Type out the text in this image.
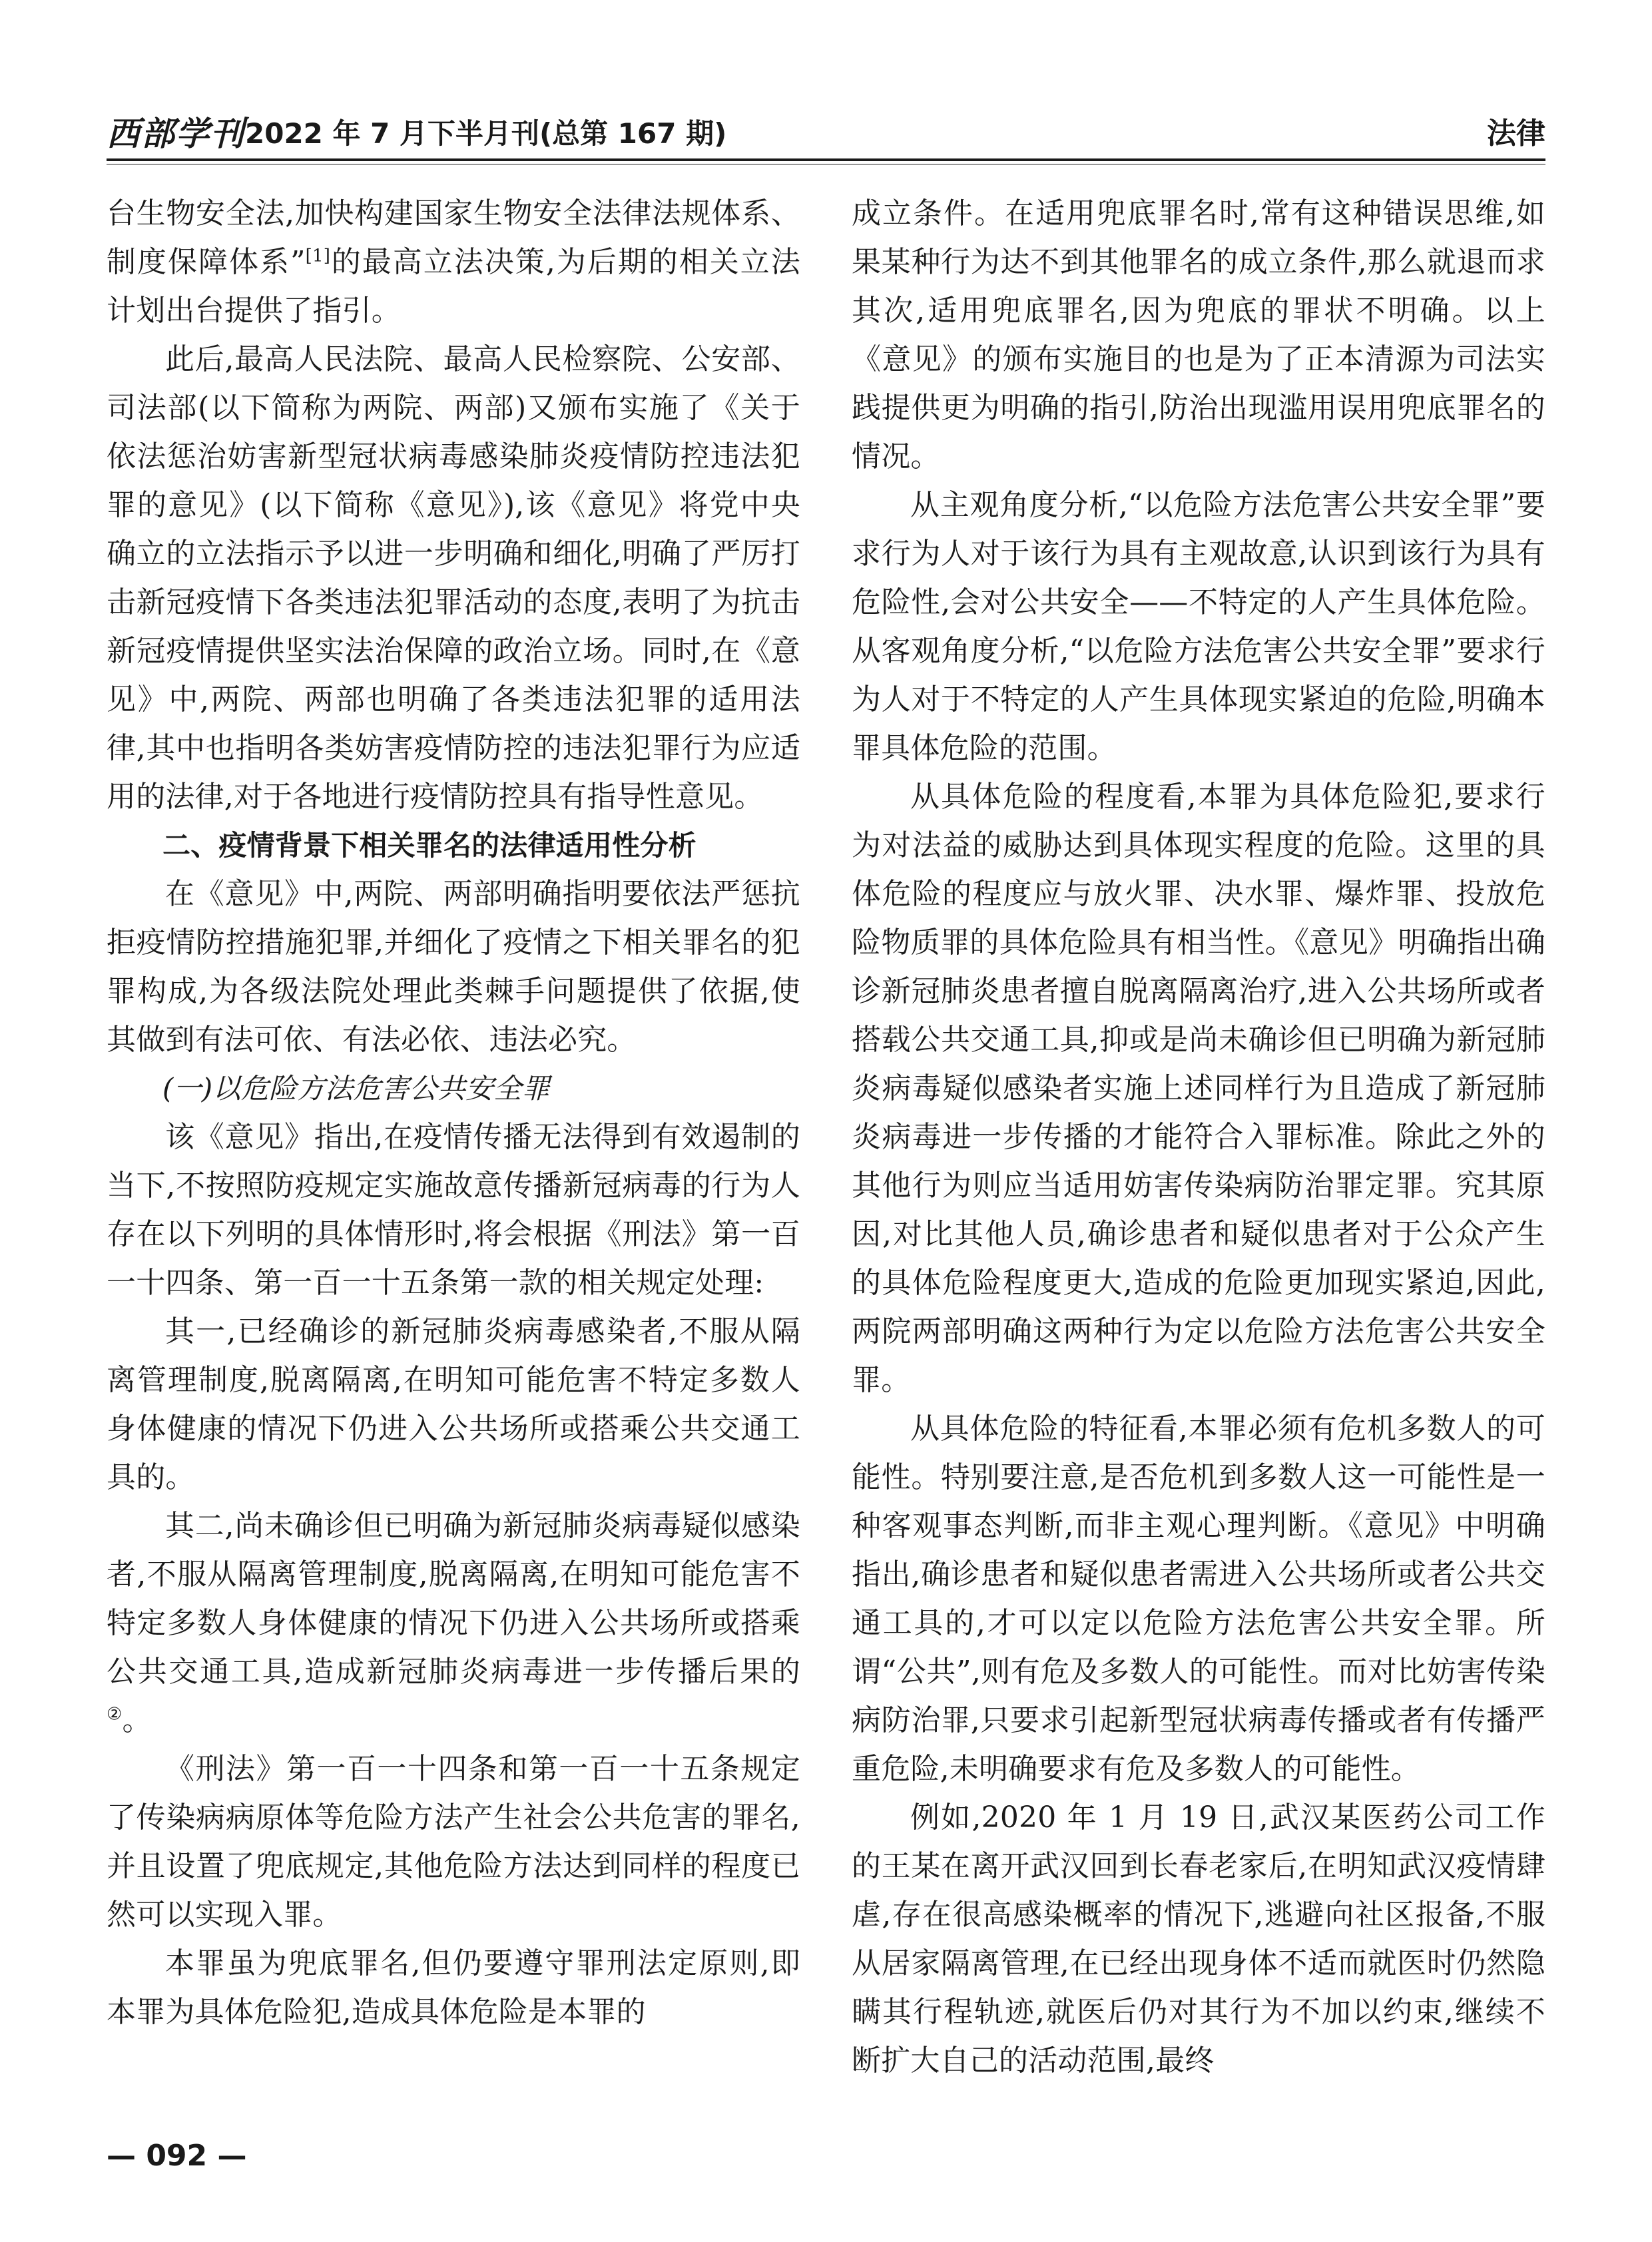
西部学刊 2022 年 7 月下半月刊(总第 167 期)	法律

台生物安全法,加快构建国家生物安全法律法规体系、制度保障体系”[1]的最高立法决策,为后期的相关立法计划出台提供了指引。

此后,最高人民法院、最高人民检察院、公安部、司法部(以下简称为两院、两部)又颁布实施了《关于依法惩治妨害新型冠状病毒感染肺炎疫情防控违法犯罪的意见》(以下简称《意见》),该《意见》将党中央确立的立法指示予以进一步明确和细化,明确了严厉打击新冠疫情下各类违法犯罪活动的态度,表明了为抗击新冠疫情提供坚实法治保障的政治立场。同时,在《意见》中,两院、两部也明确了各类违法犯罪的适用法律,其中也指明各类妨害疫情防控的违法犯罪行为应适用的法律,对于各地进行疫情防控具有指导性意见。

二、疫情背景下相关罪名的法律适用性分析

在《意见》中,两院、两部明确指明要依法严惩抗拒疫情防控措施犯罪,并细化了疫情之下相关罪名的犯罪构成,为各级法院处理此类棘手问题提供了依据,使其做到有法可依、有法必依、违法必究。

(一)以危险方法危害公共安全罪

该《意见》指出,在疫情传播无法得到有效遏制的当下,不按照防疫规定实施故意传播新冠病毒的行为人存在以下列明的具体情形时,将会根据《刑法》第一百一十四条、第一百一十五条第一款的相关规定处理:

其一,已经确诊的新冠肺炎病毒感染者,不服从隔离管理制度,脱离隔离,在明知可能危害不特定多数人身体健康的情况下仍进入公共场所或搭乘公共交通工具的。

其二,尚未确诊但已明确为新冠肺炎病毒疑似感染者,不服从隔离管理制度,脱离隔离,在明知可能危害不特定多数人身体健康的情况下仍进入公共场所或搭乘公共交通工具,造成新冠肺炎病毒进一步传播后果的②。

《刑法》第一百一十四条和第一百一十五条规定了传染病病原体等危险方法产生社会公共危害的罪名,并且设置了兜底规定,其他危险方法达到同样的程度已然可以实现入罪。

本罪虽为兜底罪名,但仍要遵守罪刑法定原则,即本罪为具体危险犯,造成具体危险是本罪的

成立条件。在适用兜底罪名时,常有这种错误思维,如果某种行为达不到其他罪名的成立条件,那么就退而求其次,适用兜底罪名,因为兜底的罪状不明确。以上《意见》的颁布实施目的也是为了正本清源为司法实践提供更为明确的指引,防治出现滥用误用兜底罪名的情况。

从主观角度分析,“以危险方法危害公共安全罪”要求行为人对于该行为具有主观故意,认识到该行为具有危险性,会对公共安全——不特定的人产生具体危险。从客观角度分析,“以危险方法危害公共安全罪”要求行为人对于不特定的人产生具体现实紧迫的危险,明确本罪具体危险的范围。

从具体危险的程度看,本罪为具体危险犯,要求行为对法益的威胁达到具体现实程度的危险。这里的具体危险的程度应与放火罪、决水罪、爆炸罪、投放危险物质罪的具体危险具有相当性。《意见》明确指出确诊新冠肺炎患者擅自脱离隔离治疗,进入公共场所或者搭载公共交通工具,抑或是尚未确诊但已明确为新冠肺炎病毒疑似感染者实施上述同样行为且造成了新冠肺炎病毒进一步传播的才能符合入罪标准。除此之外的其他行为则应当适用妨害传染病防治罪定罪。究其原因,对比其他人员,确诊患者和疑似患者对于公众产生的具体危险程度更大,造成的危险更加现实紧迫,因此,两院两部明确这两种行为定以危险方法危害公共安全罪。

从具体危险的特征看,本罪必须有危机多数人的可能性。特别要注意,是否危机到多数人这一可能性是一种客观事态判断,而非主观心理判断。《意见》中明确指出,确诊患者和疑似患者需进入公共场所或者公共交通工具的,才可以定以危险方法危害公共安全罪。所谓“公共”,则有危及多数人的可能性。而对比妨害传染病防治罪,只要求引起新型冠状病毒传播或者有传播严重危险,未明确要求有危及多数人的可能性。

例如,2020 年 1 月 19 日,武汉某医药公司工作的王某在离开武汉回到长春老家后,在明知武汉疫情肆虐,存在很高感染概率的情况下,逃避向社区报备,不服从居家隔离管理,在已经出现身体不适而就医时仍然隐瞒其行程轨迹,就医后仍对其行为不加以约束,继续不断扩大自己的活动范围,最终

— 092 —
